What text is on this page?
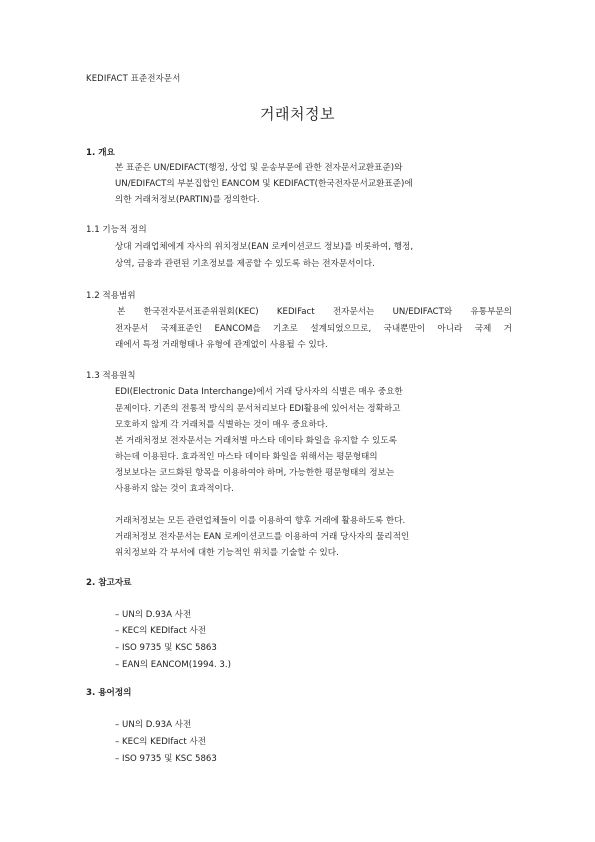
KEDIFACT 표준전자문서
거래처정보
1. 개요
본 표준은 UN/EDIFACT(행정, 상업 및 운송부문에 관한 전자문서교환표준)와
UN/EDIFACT의 부분집합인 EANCOM 및 KEDIFACT(한국전자문서교환표준)에
의한 거래처정보(PARTIN)를 정의한다.
1.1 기능적 정의
상대 거래업체에게 자사의 위치정보(EAN 로케이션코드 정보)를 비롯하여, 행정,
상역, 금융과 관련된 기초정보를 제공할 수 있도록 하는 전자문서이다.
1.2 적용범위
본 한국전자문서표준위원회(KEC) KEDIFact 전자문서는 UN/EDIFACT와 유통부문의
전자문서 국제표준인 EANCOM을 기초로 설계되었으므로, 국내뿐만이 아니라 국제 거
래에서 특정 거래형태나 유형에 관계없이 사용될 수 있다.
1.3 적용원칙
EDI(Electronic Data Interchange)에서 거래 당사자의 식별은 매우 중요한
문제이다. 기존의 전통적 방식의 문서처리보다 EDI활용에 있어서는 정확하고
모호하지 않게 각 거래처를 식별하는 것이 매우 중요하다.
본 거래처정보 전자문서는 거래처별 마스타 데이타 화일을 유지할 수 있도록
하는데 이용된다. 효과적인 마스타 데이타 화일을 위해서는 평문형태의
정보보다는 코드화된 항목을 이용하여야 하며, 가능한한 평문형태의 정보는
사용하지 않는 것이 효과적이다.
거래처정보는 모든 관련업체들이 이를 이용하여 향후 거래에 활용하도록 한다.
거래처정보 전자문서는 EAN 로케이션코드를 이용하여 거래 당사자의 물리적인
위치정보와 각 부서에 대한 기능적인 위치를 기술할 수 있다.
2. 참고자료
– UN의 D.93A 사전
– KEC의 KEDIfact 사전
– ISO 9735 및 KSC 5863
– EAN의 EANCOM(1994. 3.)
3. 용어정의
– UN의 D.93A 사전
– KEC의 KEDIfact 사전
– ISO 9735 및 KSC 5863
